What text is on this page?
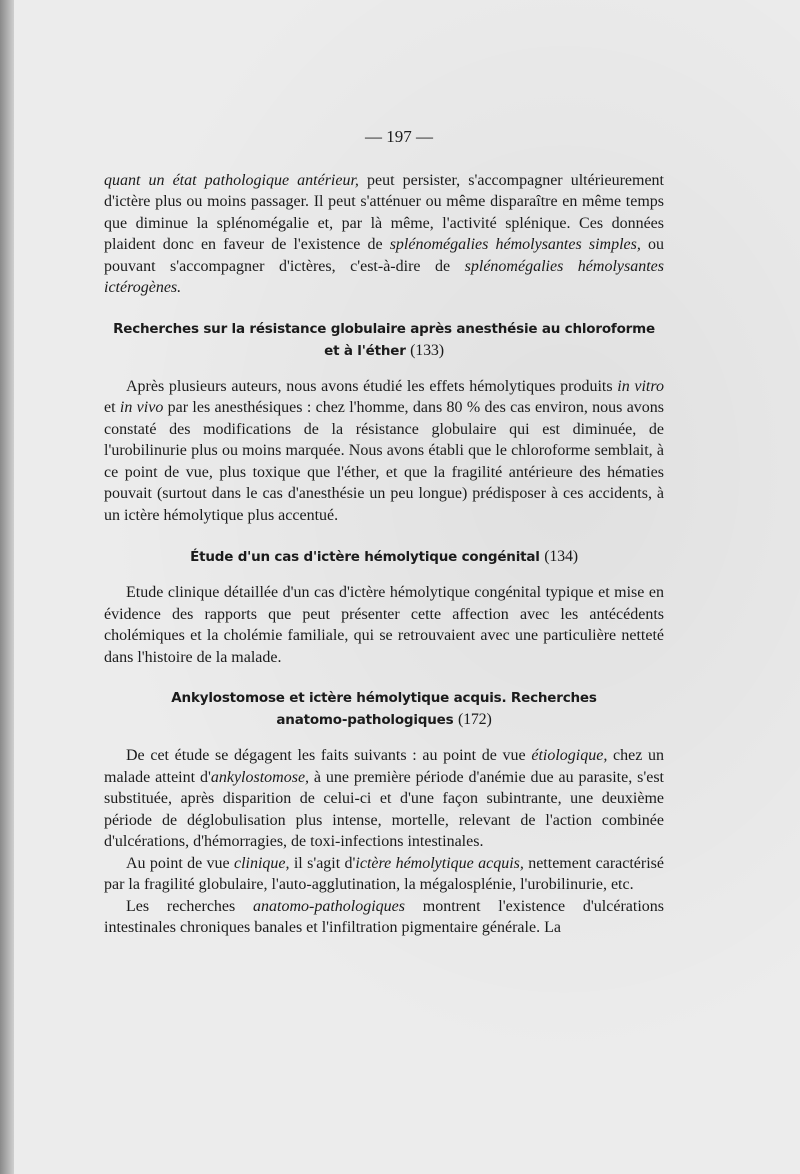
— 197 —

quant un état pathologique antérieur, peut persister, s'accompagner ultérieurement d'ictère plus ou moins passager. Il peut s'atténuer ou même disparaître en même temps que diminue la splénomégalie et, par là même, l'activité splénique. Ces données plaident donc en faveur de l'existence de splénomégalies hémolysantes simples, ou pouvant s'accompagner d'ictères, c'est-à-dire de splénomégalies hémolysantes ictérogènes.

Recherches sur la résistance globulaire après anesthésie au chloroforme
et à l'éther (133)

Après plusieurs auteurs, nous avons étudié les effets hémolytiques produits in vitro et in vivo par les anesthésiques : chez l'homme, dans 80 % des cas environ, nous avons constaté des modifications de la résistance globulaire qui est diminuée, de l'urobilinurie plus ou moins marquée. Nous avons établi que le chloroforme semblait, à ce point de vue, plus toxique que l'éther, et que la fragilité antérieure des hématies pouvait (surtout dans le cas d'anesthésie un peu longue) prédisposer à ces accidents, à un ictère hémolytique plus accentué.

Étude d'un cas d'ictère hémolytique congénital (134)

Etude clinique détaillée d'un cas d'ictère hémolytique congénital typique et mise en évidence des rapports que peut présenter cette affection avec les antécédents cholémiques et la cholémie familiale, qui se retrouvaient avec une particulière netteté dans l'histoire de la malade.

Ankylostomose et ictère hémolytique acquis. Recherches
anatomo-pathologiques (172)

De cet étude se dégagent les faits suivants : au point de vue étiologique, chez un malade atteint d'ankylostomose, à une première période d'anémie due au parasite, s'est substituée, après disparition de celui-ci et d'une façon subintrante, une deuxième période de déglobulisation plus intense, mortelle, relevant de l'action combinée d'ulcérations, d'hémorragies, de toxi-infections intestinales.

Au point de vue clinique, il s'agit d'ictère hémolytique acquis, nettement caractérisé par la fragilité globulaire, l'auto-agglutination, la mégalosplénie, l'urobilinurie, etc.

Les recherches anatomo-pathologiques montrent l'existence d'ulcérations intestinales chroniques banales et l'infiltration pigmentaire générale. La
